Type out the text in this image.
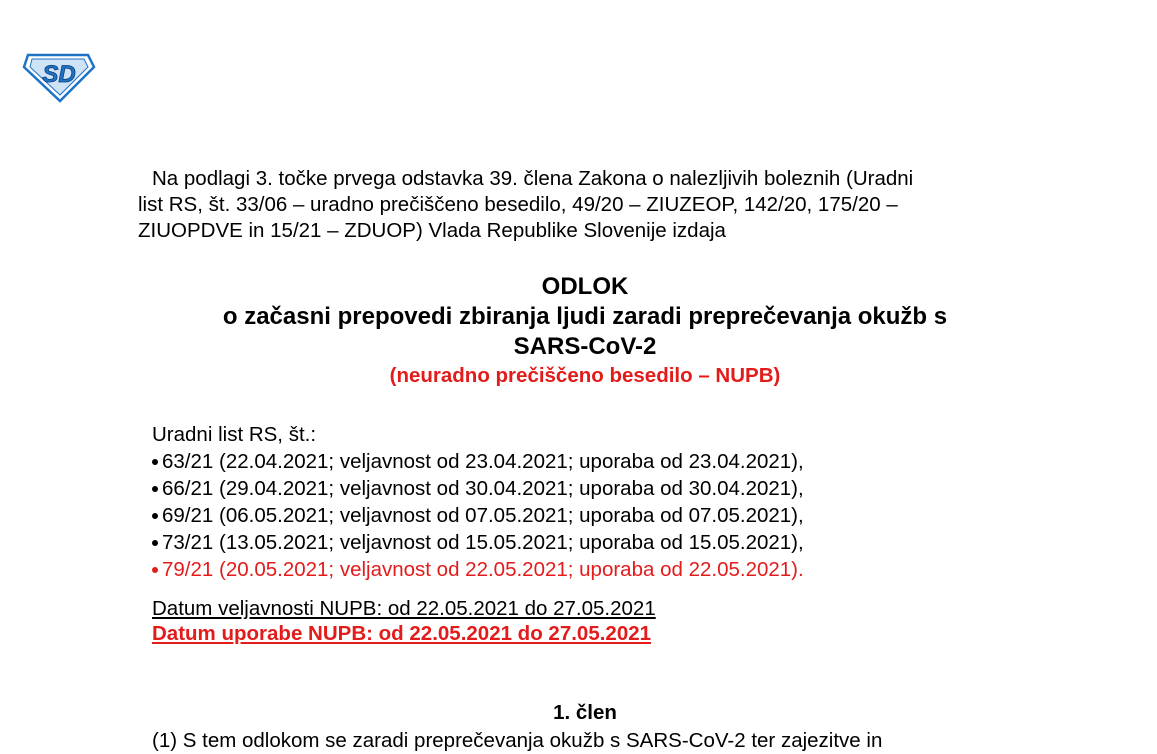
SD
Na podlagi 3. točke prvega odstavka 39. člena Zakona o nalezljivih boleznih (Uradni
list RS, št. 33/06 – uradno prečiščeno besedilo, 49/20 – ZIUZEOP, 142/20, 175/20 –
ZIUOPDVE in 15/21 – ZDUOP) Vlada Republike Slovenije izdaja
ODLOK
o začasni prepovedi zbiranja ljudi zaradi preprečevanja okužb s
SARS-CoV-2
(neuradno prečiščeno besedilo – NUPB)
Uradni list RS, št.:
63/21 (22.04.2021; veljavnost od 23.04.2021; uporaba od 23.04.2021),
66/21 (29.04.2021; veljavnost od 30.04.2021; uporaba od 30.04.2021),
69/21 (06.05.2021; veljavnost od 07.05.2021; uporaba od 07.05.2021),
73/21 (13.05.2021; veljavnost od 15.05.2021; uporaba od 15.05.2021),
79/21 (20.05.2021; veljavnost od 22.05.2021; uporaba od 22.05.2021).
Datum veljavnosti NUPB: od 22.05.2021 do 27.05.2021
Datum uporabe NUPB: od 22.05.2021 do 27.05.2021
1. člen
(1) S tem odlokom se zaradi preprečevanja okužb s SARS-CoV-2 ter zajezitve in
